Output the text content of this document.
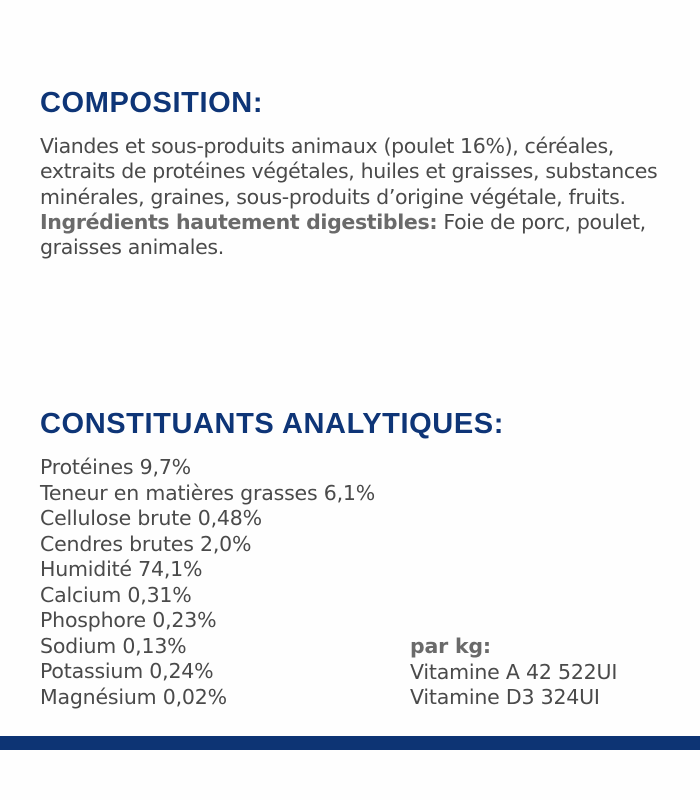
COMPOSITION:

Viandes et sous-produits animaux (poulet 16%), céréales, extraits de protéines végétales, huiles et graisses, substances minérales, graines, sous-produits d’origine végétale, fruits.
Ingrédients hautement digestibles: Foie de porc, poulet, graisses animales.

CONSTITUANTS ANALYTIQUES:
Protéines 9,7%
Teneur en matières grasses 6,1%
Cellulose brute 0,48%
Cendres brutes 2,0%
Humidité 74,1%
Calcium 0,31%
Phosphore 0,23%
Sodium 0,13%
Potassium 0,24%
Magnésium 0,02%
par kg:
Vitamine A 42 522UI
Vitamine D3 324UI
